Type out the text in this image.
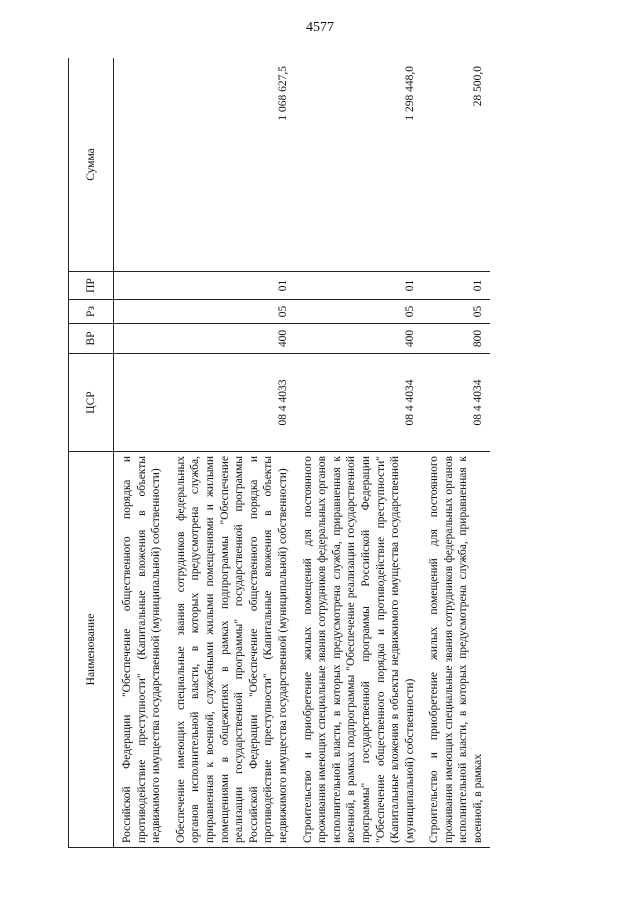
4577
Наименование	ЦСР	ВР	Рз	ПР	Сумма
Российской Федерации "Обеспечение общественного порядка и противодействие преступности" (Капитальные вложения в объекты недвижимого имущества государственной (муниципальной) собственности)					
Обеспечение имеющих специальные звания сотрудников федеральных органов исполнительной власти, в которых предусмотрена служба, приравненная к военной, служебными жилыми помещениями и жилыми помещениями в общежитиях в рамках подпрограммы "Обеспечение реализации государственной программы" государственной программы Российской Федерации "Обеспечение общественного порядка и противодействие преступности" (Капитальные вложения в объекты недвижимого имущества государственной (муниципальной) собственности)	08 4 4033	400	05	01	1 068 627,5
Строительство и приобретение жилых помещений для постоянного проживания имеющих специальные звания сотрудников федеральных органов исполнительной власти, в которых предусмотрена служба, приравненная к военной, в рамках подпрограммы "Обеспечение реализации государственной программы" государственной программы Российской Федерации "Обеспечение общественного порядка и противодействие преступности" (Капитальные вложения в объекты недвижимого имущества государственной (муниципальной) собственности)	08 4 4034	400	05	01	1 298 448,0
Строительство и приобретение жилых помещений для постоянного проживания имеющих специальные звания сотрудников федеральных органов исполнительной власти, в которых предусмотрена служба, приравненная к военной, в рамках	08 4 4034	800	05	01	28 500,0
